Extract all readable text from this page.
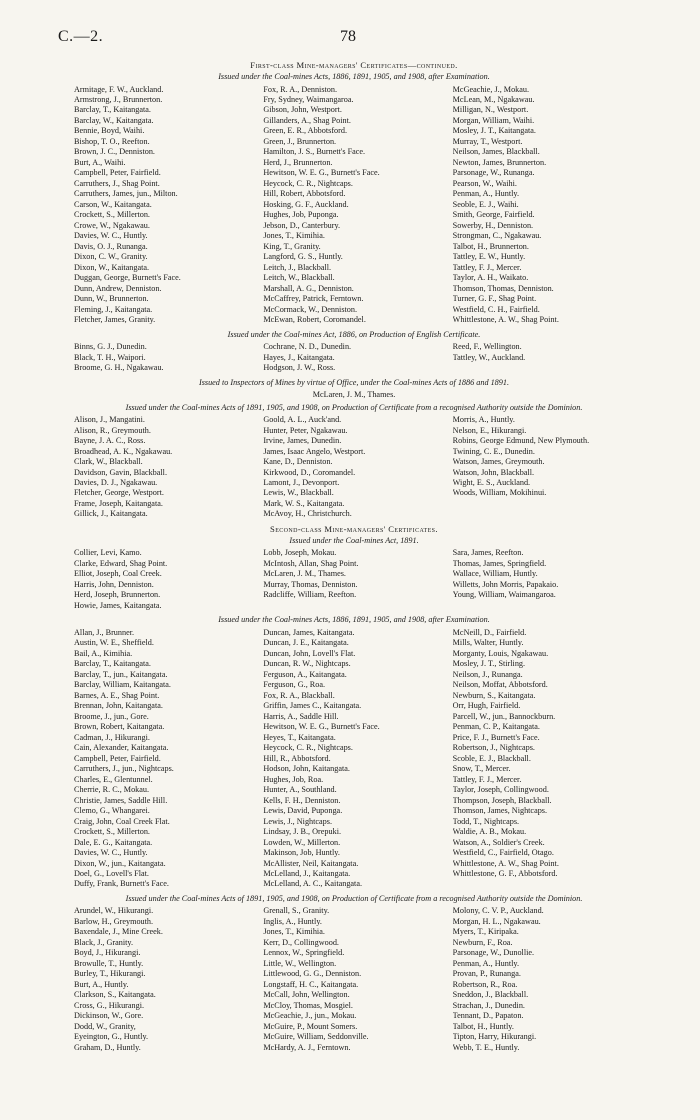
C.—2.	78
First-class Mine-managers' Certificates—continued.
Issued under the Coal-mines Acts, 1886, 1891, 1905, and 1908, after Examination.
Armitage, F. W., Auckland.
Armstrong, J., Brunnerton.
Barclay, T., Kaitangata.
Barclay, W., Kaitangata.
Bennie, Boyd, Waihi.
Bishop, T. O., Reefton.
Brown, J. C., Denniston.
Burt, A., Waihi.
Campbell, Peter, Fairfield.
Carruthers, J., Shag Point.
Carruthers, James, jun., Milton.
Carson, W., Kaitangata.
Crockett, S., Millerton.
Crowe, W., Ngakawau.
Davies, W. C., Huntly.
Davis, O. J., Runanga.
Dixon, C. W., Granity.
Dixon, W., Kaitangata.
Duggan, George, Burnett's Face.
Dunn, Andrew, Denniston.
Dunn, W., Brunnerton.
Fleming, J., Kaitangata.
Fletcher, James, Granity.
Fox, R. A., Denniston.
Fry, Sydney, Waimangaroa.
Gibson, John, Westport.
Gillanders, A., Shag Point.
Green, E. R., Abbotsford.
Green, J., Brunnerton.
Hamilton, J. S., Burnett's Face.
Herd, J., Brunnerton.
Hewitson, W. E. G., Burnett's Face.
Heycock, C. R., Nightcaps.
Hill, Robert, Abbotsford.
Hosking, G. F., Auckland.
Hughes, Job, Puponga.
Jebson, D., Canterbury.
Jones, T., Kimihia.
King, T., Granity.
Langford, G. S., Huntly.
Leitch, J., Blackball.
Leitch, W., Blackball.
Marshall, A. G., Denniston.
McCaffrey, Patrick, Ferntown.
McCormack, W., Denniston.
McEwan, Robert, Coromandel.
McGeachie, J., Mokau.
McLean, M., Ngakawau.
Milligan, N., Westport.
Morgan, William, Waihi.
Mosley, J. T., Kaitangata.
Murray, T., Westport.
Neilson, James, Blackball.
Newton, James, Brunnerton.
Parsonage, W., Runanga.
Pearson, W., Waihi.
Penman, A., Huntly.
Seoble, E. J., Waihi.
Smith, George, Fairfield.
Sowerby, H., Denniston.
Strongman, C., Ngakawau.
Talbot, H., Brunnerton.
Tattley, E. W., Huntly.
Tattley, F. J., Mercer.
Taylor, A. H., Waikato.
Thomson, Thomas, Denniston.
Turner, G. F., Shag Point.
Westfield, C. H., Fairfield.
Whittlestone, A. W., Shag Point.
Issued under the Coal-mines Act, 1886, on Production of English Certificate.
Binns, G. J., Dunedin.
Black, T. H., Waipori.
Broome, G. H., Ngakawau.
Cochrane, N. D., Dunedin.
Hayes, J., Kaitangata.
Hodgson, J. W., Ross.
Reed, F., Wellington.
Tattley, W., Auckland.
Issued to Inspectors of Mines by virtue of Office, under the Coal-mines Acts of 1886 and 1891.
McLaren, J. M., Thames.
Issued under the Coal-mines Acts of 1891, 1905, and 1908, on Production of Certificate from a recognised Authority outside the Dominion.
Alison, J., Mangatini.
Alison, R., Greymouth.
Bayne, J. A. C., Ross.
Broadhead, A. K., Ngakawau.
Clark, W., Blackball.
Davidson, Gavin, Blackball.
Davies, D. J., Ngakawau.
Fletcher, George, Westport.
Frame, Joseph, Kaitangata.
Gillick, J., Kaitangata.
Goold, A. L., Auck'and.
Hunter, Peter, Ngakawau.
Irvine, James, Dunedin.
James, Isaac Angelo, Westport.
Kane, D., Denniston.
Kirkwood, D., Coromandel.
Lamont, J., Devonport.
Lewis, W., Blackball.
Mark, W. S., Kaitangata.
McAvoy, H., Christchurch.
Morris, A., Huntly.
Nelson, E., Hikurangi.
Robins, George Edmund, New Plymouth.
Twining, C. E., Dunedin.
Watson, James, Greymouth.
Watson, John, Blackball.
Wight, E. S., Auckland.
Woods, William, Mokihinui.
Second-class Mine-managers' Certificates.
Issued under the Coal-mines Act, 1891.
Collier, Levi, Kamo.
Clarke, Edward, Shag Point.
Elliot, Joseph, Coal Creek.
Harris, John, Denniston.
Herd, Joseph, Brunnerton.
Howie, James, Kaitangata.
Lobb, Joseph, Mokau.
McIntosh, Allan, Shag Point.
McLaren, J. M., Thames.
Murray, Thomas, Denniston.
Radcliffe, William, Reefton.
Sara, James, Reefton.
Thomas, James, Springfield.
Wallace, William, Huntly.
Willetts, John Morris, Papakaio.
Young, William, Waimangaroa.
Issued under the Coal-mines Acts, 1886, 1891, 1905, and 1908, after Examination.
Allan, J., Brunner.
Austin, W. E., Sheffield.
Bail, A., Kimihia.
Barclay, T., Kaitangata.
Barclay, T., jun., Kaitangata.
Barclay, William, Kaitangata.
Barnes, A. E., Shag Point.
Brennan, John, Kaitangata.
Broome, J., jun., Gore.
Brown, Robert, Kaitangata.
Cadman, J., Hikurangi.
Cain, Alexander, Kaitangata.
Campbell, Peter, Fairfield.
Carruthers, J., jun., Nightcaps.
Charles, E., Glentunnel.
Cherrie, R. C., Mokau.
Christie, James, Saddle Hill.
Clemo, G., Whangarei.
Craig, John, Coal Creek Flat.
Crockett, S., Millerton.
Dale, E. G., Kaitangata.
Davies, W. C., Huntly.
Dixon, W., jun., Kaitangata.
Doel, G., Lovell's Flat.
Duffy, Frank, Burnett's Face.
Duncan, James, Kaitangata.
Duncan, J. E., Kaitangata.
Duncan, John, Lovell's Flat.
Duncan, R. W., Nightcaps.
Ferguson, A., Kaitangata.
Ferguson, G., Roa.
Fox, R. A., Blackball.
Griffin, James C., Kaitangata.
Harris, A., Saddle Hill.
Hewitson, W. E. G., Burnett's Face.
Heyes, T., Kaitangata.
Heycock, C. R., Nightcaps.
Hill, R., Abbotsford.
Hodson, John, Kaitangata.
Hughes, Job, Roa.
Hunter, A., Southland.
Kells, F. H., Denniston.
Lewis, David, Puponga.
Lewis, J., Nightcaps.
Lindsay, J. B., Orepuki.
Lowden, W., Millerton.
Makinson, Job, Huntly.
McAllister, Neil, Kaitangata.
McLelland, J., Kaitangata.
McLelland, A. C., Kaitangata.
McNeill, D., Fairfield.
Mills, Walter, Huntly.
Morganty, Louis, Ngakawau.
Mosley, J. T., Stirling.
Neilson, J., Runanga.
Neilson, Moffat, Abbotsford.
Newburn, S., Kaitangata.
Orr, Hugh, Fairfield.
Parcell, W., jun., Bannockburn.
Penman, C. P., Kaitangata.
Price, F. J., Burnett's Face.
Robertson, J., Nightcaps.
Scoble, E. J., Blackball.
Snow, T., Mercer.
Tattley, F. J., Mercer.
Taylor, Joseph, Collingwood.
Thompson, Joseph, Blackball.
Thomson, James, Nightcaps.
Todd, T., Nightcaps.
Waldie, A. B., Mokau.
Watson, A., Soldier's Creek.
Westfield, C., Fairfield, Otago.
Whittlestone, A. W., Shag Point.
Whittlestone, G. F., Abbotsford.
Issued under the Coal-mines Acts of 1891, 1905, and 1908, on Production of Certificate from a recognised Authority outside the Dominion.
Arundel, W., Hikurangi.
Barlow, H., Greymouth.
Baxendale, J., Mine Creek.
Black, J., Granity.
Boyd, J., Hikurangi.
Browulle, T., Huntly.
Burley, T., Hikurangi.
Burt, A., Huntly.
Clarkson, S., Kaitangata.
Cross, G., Hikurangi.
Dickinson, W., Gore.
Dodd, W., Granity,
Eyeington, G., Huntly.
Graham, D., Huntly.
Grenall, S., Granity.
Inglis, A., Huntly.
Jones, T., Kimihia.
Kerr, D., Collingwood.
Lennox, W., Springfield.
Little, W., Wellington.
Littlewood, G. G., Denniston.
Longstaff, H. C., Kaitangata.
McCall, John, Wellington.
McCloy, Thomas, Mosgiel.
McGeachie, J., jun., Mokau.
McGuire, P., Mount Somers.
McGuire, William, Seddonville.
McHardy, A. J., Ferntown.
Molony, C. V. P., Auckland.
Morgan, H. L., Ngakawau.
Myers, T., Kiripaka.
Newburn, F., Roa.
Parsonage, W., Dunollie.
Penman, A., Huntly.
Provan, P., Runanga.
Robertson, R., Roa.
Sneddon, J., Blackball.
Strachan, J., Dunedin.
Tennant, D., Papaton.
Talbot, H., Huntly.
Tipton, Harry, Hikurangi.
Webb, T. E., Huntly.
